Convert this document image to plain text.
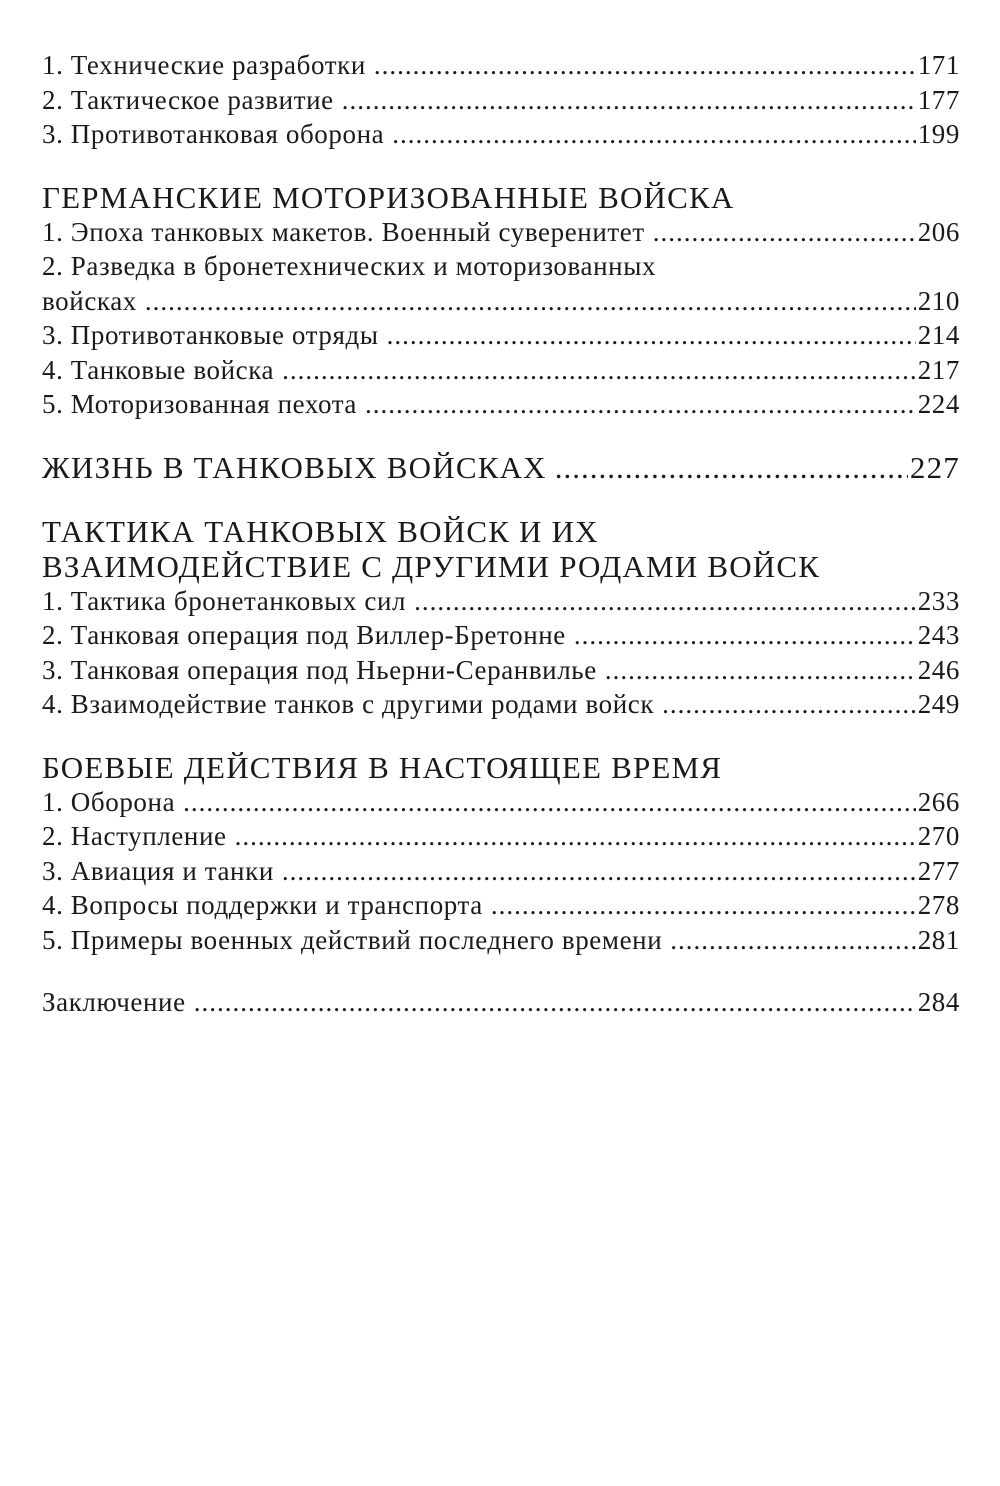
1. Технические разработки .....	171
2. Тактическое развитие .....	177
3. Противотанковая оборона .....	199
ГЕРМАНСКИЕ МОТОРИЗОВАННЫЕ ВОЙСКА
1. Эпоха танковых макетов. Военный суверенитет .....	206
2. Разведка в бронетехнических и моторизованных
войсках .....	210
3. Противотанковые отряды .....	214
4. Танковые войска .....	217
5. Моторизованная пехота .....	224
ЖИЗНЬ В ТАНКОВЫХ ВОЙСКАХ .....	227
ТАКТИКА ТАНКОВЫХ ВОЙСК И ИХ
ВЗАИМОДЕЙСТВИЕ С ДРУГИМИ РОДАМИ ВОЙСК
1. Тактика бронетанковых сил .....	233
2. Танковая операция под Виллер-Бретонне .....	243
3. Танковая операция под Ньерни-Серанвилье .....	246
4. Взаимодействие танков с другими родами войск .....	249
БОЕВЫЕ ДЕЙСТВИЯ В НАСТОЯЩЕЕ ВРЕМЯ
1. Оборона .....	266
2. Наступление .....	270
3. Авиация и танки .....	277
4. Вопросы поддержки и транспорта .....	278
5. Примеры военных действий последнего времени .....	281
Заключение .....	284
